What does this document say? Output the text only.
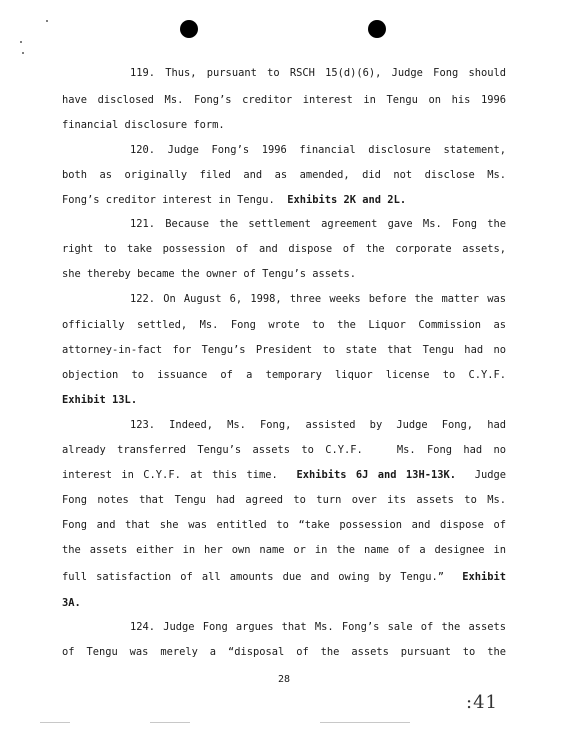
119. Thus, pursuant to RSCH 15(d)(6), Judge Fong should
have disclosed Ms. Fong’s creditor interest in Tengu on his 1996
financial disclosure form.
120. Judge Fong’s 1996 financial disclosure statement,
both as originally filed and as amended, did not disclose Ms.
Fong’s creditor interest in Tengu.  Exhibits 2K and 2L.
121. Because the settlement agreement gave Ms. Fong the
right to take possession of and dispose of the corporate assets,
she thereby became the owner of Tengu’s assets.
122. On August 6, 1998, three weeks before the matter was
officially settled, Ms. Fong wrote to the Liquor Commission as
attorney-in-fact for Tengu’s President to state that Tengu had no
objection to issuance of a temporary liquor license to C.Y.F.
Exhibit 13L.
123. Indeed, Ms. Fong, assisted by Judge Fong, had
already transferred Tengu’s assets to C.Y.F.   Ms. Fong had no
interest in C.Y.F. at this time.  Exhibits 6J and 13H-13K.  Judge
Fong notes that Tengu had agreed to turn over its assets to Ms.
Fong and that she was entitled to “take possession and dispose of
the assets either in her own name or in the name of a designee in
full satisfaction of all amounts due and owing by Tengu.”  Exhibit
3A.
124. Judge Fong argues that Ms. Fong’s sale of the assets
of Tengu was merely a “disposal of the assets pursuant to the
28
:41
